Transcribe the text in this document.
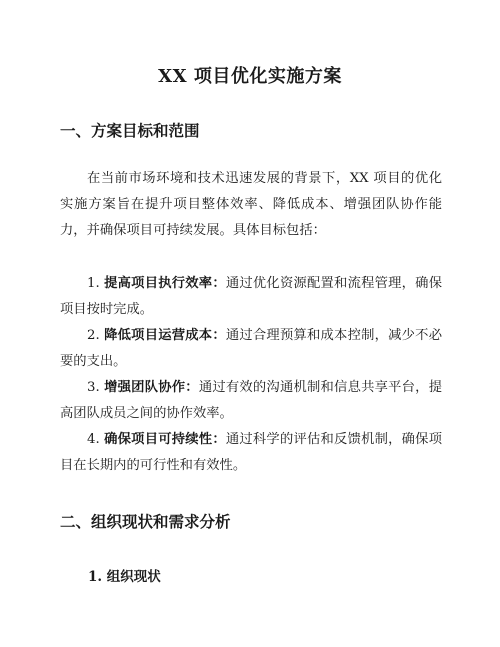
XX 项目优化实施方案
一、方案目标和范围

在当前市场环境和技术迅速发展的背景下，XX 项目的优化实施方案旨在提升项目整体效率、降低成本、增强团队协作能力，并确保项目可持续发展。具体目标包括：

1. 提高项目执行效率：通过优化资源配置和流程管理，确保项目按时完成。
2. 降低项目运营成本：通过合理预算和成本控制，减少不必要的支出。
3. 增强团队协作：通过有效的沟通机制和信息共享平台，提高团队成员之间的协作效率。
4. 确保项目可持续性：通过科学的评估和反馈机制，确保项目在长期内的可行性和有效性。
二、组织现状和需求分析
1. 组织现状
